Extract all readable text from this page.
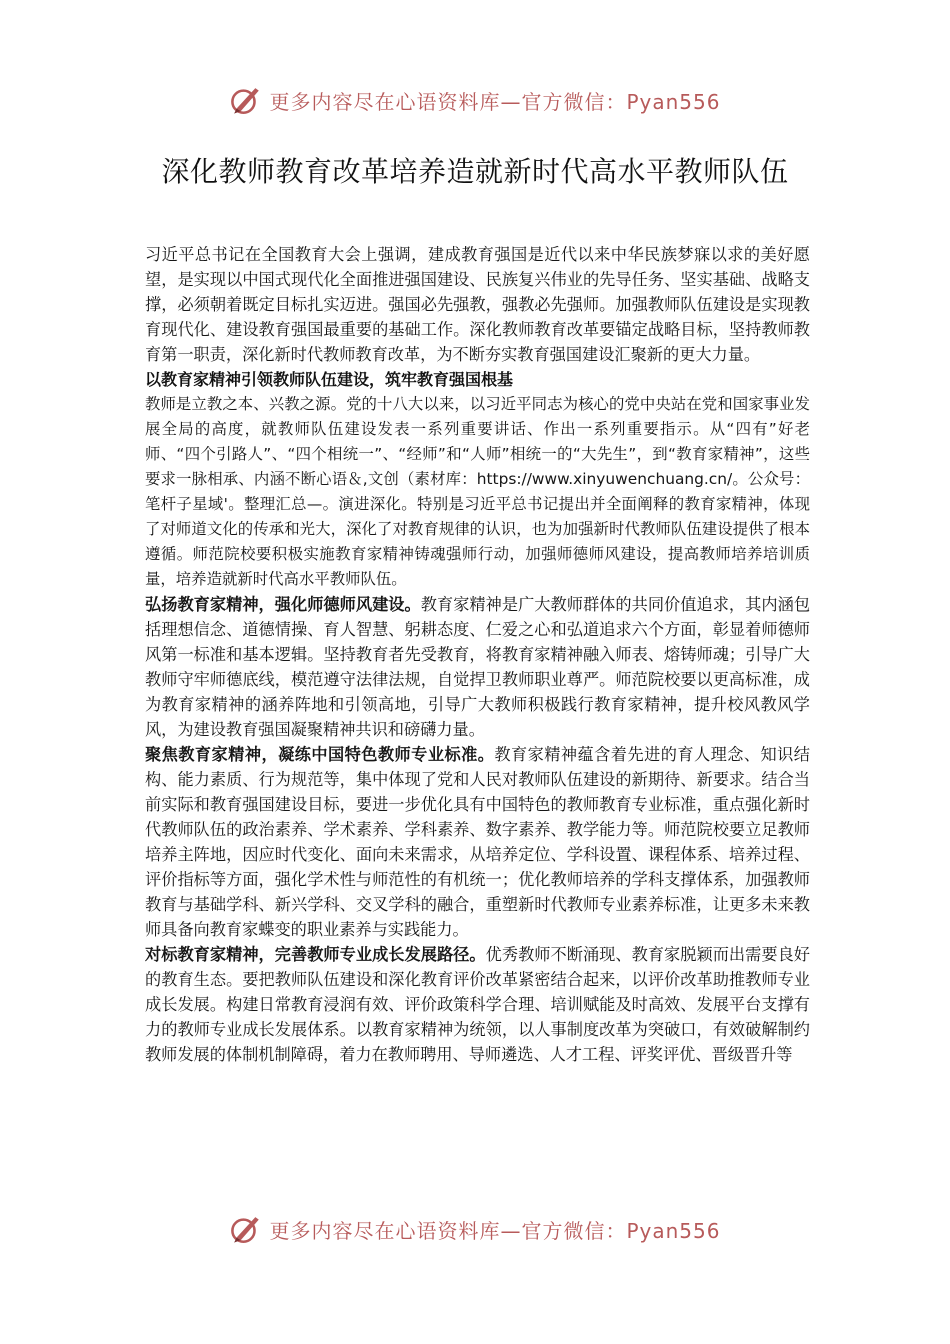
更多内容尽在心语资料库—官方微信：Pyan556
深化教师教育改革培养造就新时代高水平教师队伍

习近平总书记在全国教育大会上强调，建成教育强国是近代以来中华民族梦寐以求的美好愿望，是实现以中国式现代化全面推进强国建设、民族复兴伟业的先导任务、坚实基础、战略支撑，必须朝着既定目标扎实迈进。强国必先强教，强教必先强师。加强教师队伍建设是实现教育现代化、建设教育强国最重要的基础工作。深化教师教育改革要锚定战略目标，坚持教师教育第一职责，深化新时代教师教育改革，为不断夯实教育强国建设汇聚新的更大力量。

以教育家精神引领教师队伍建设，筑牢教育强国根基

教师是立教之本、兴教之源。党的十八大以来，以习近平同志为核心的党中央站在党和国家事业发展全局的高度，就教师队伍建设发表一系列重要讲话、作出一系列重要指示。从“四有”好老师、“四个引路人”、“四个相统一”、“经师”和“人师”相统一的“大先生”，到“教育家精神”，这些要求一脉相承、内涵不断心语＆,文创（素材库：https://www.xinyuwenchuang.cn/。公众号：笔杆子星域'。整理汇总—。演进深化。特别是习近平总书记提出并全面阐释的教育家精神，体现了对师道文化的传承和光大，深化了对教育规律的认识，也为加强新时代教师队伍建设提供了根本遵循。师范院校要积极实施教育家精神铸魂强师行动，加强师德师风建设，提高教师培养培训质量，培养造就新时代高水平教师队伍。

弘扬教育家精神，强化师德师风建设。教育家精神是广大教师群体的共同价值追求，其内涵包括理想信念、道德情操、育人智慧、躬耕态度、仁爱之心和弘道追求六个方面，彰显着师德师风第一标准和基本逻辑。坚持教育者先受教育，将教育家精神融入师表、熔铸师魂；引导广大教师守牢师德底线，模范遵守法律法规，自觉捍卫教师职业尊严。师范院校要以更高标准，成为教育家精神的涵养阵地和引领高地，引导广大教师积极践行教育家精神，提升校风教风学风，为建设教育强国凝聚精神共识和磅礴力量。

聚焦教育家精神，凝练中国特色教师专业标准。教育家精神蕴含着先进的育人理念、知识结构、能力素质、行为规范等，集中体现了党和人民对教师队伍建设的新期待、新要求。结合当前实际和教育强国建设目标，要进一步优化具有中国特色的教师教育专业标准，重点强化新时代教师队伍的政治素养、学术素养、学科素养、数字素养、教学能力等。师范院校要立足教师培养主阵地，因应时代变化、面向未来需求，从培养定位、学科设置、课程体系、培养过程、评价指标等方面，强化学术性与师范性的有机统一；优化教师培养的学科支撑体系，加强教师教育与基础学科、新兴学科、交叉学科的融合，重塑新时代教师专业素养标准，让更多未来教师具备向教育家蝶变的职业素养与实践能力。

对标教育家精神，完善教师专业成长发展路径。优秀教师不断涌现、教育家脱颖而出需要良好的教育生态。要把教师队伍建设和深化教育评价改革紧密结合起来，以评价改革助推教师专业成长发展。构建日常教育浸润有效、评价政策科学合理、培训赋能及时高效、发展平台支撑有力的教师专业成长发展体系。以教育家精神为统领，以人事制度改革为突破口，有效破解制约教师发展的体制机制障碍，着力在教师聘用、导师遴选、人才工程、评奖评优、晋级晋升等

更多内容尽在心语资料库—官方微信：Pyan556
